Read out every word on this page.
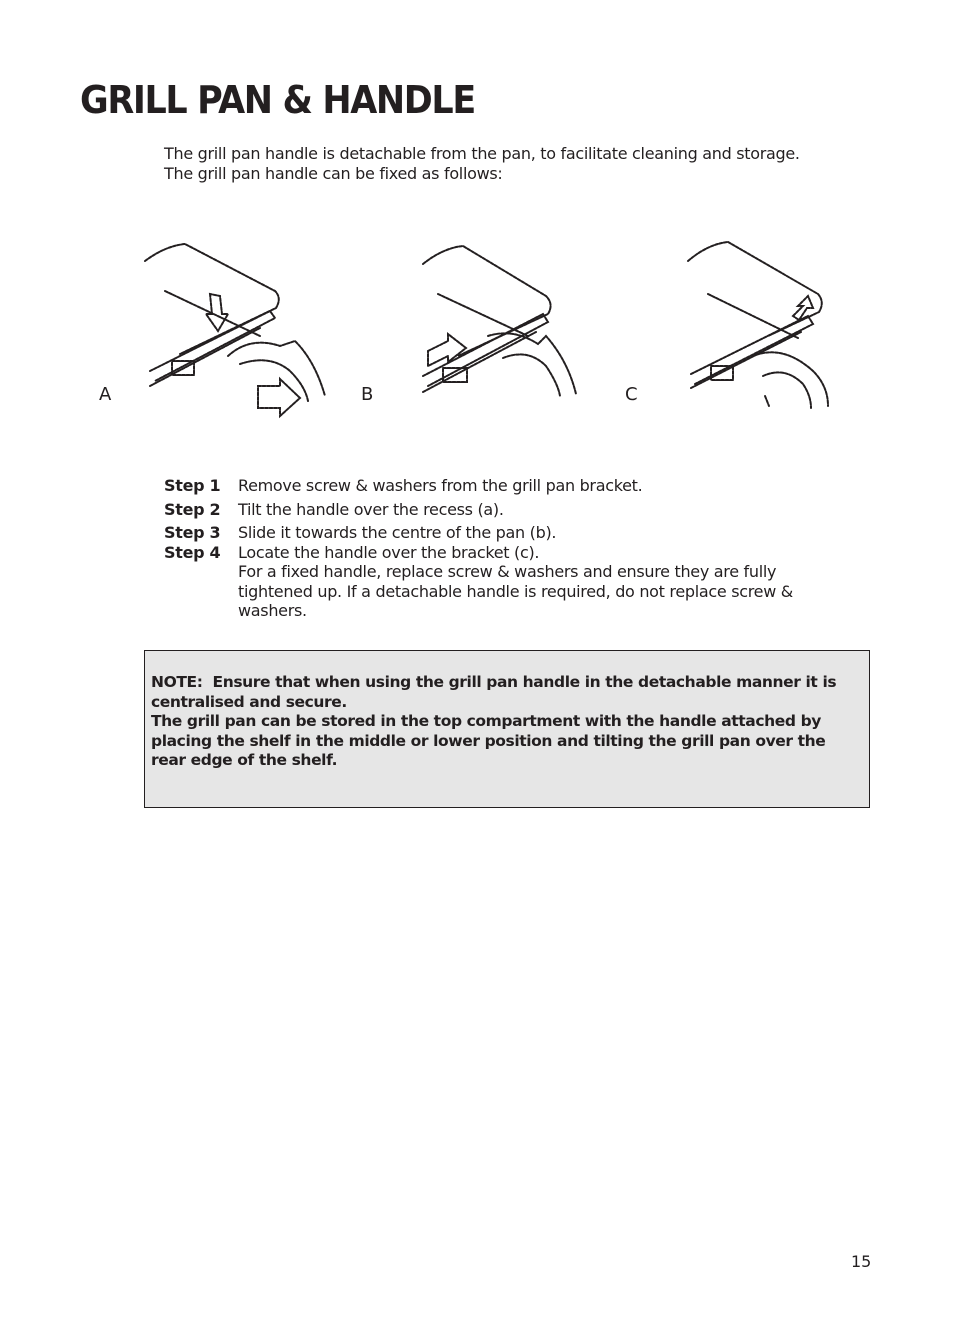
GRILL PAN & HANDLE
The grill pan handle is detachable from the pan, to facilitate cleaning and storage.
The grill pan handle can be fixed as follows:
A	B	C
Step 1	Remove screw & washers from the grill pan bracket.
Step 2	Tilt the handle over the recess (a).
Step 3	Slide it towards the centre of the pan (b).
Step 4	Locate the handle over the bracket (c).
For a fixed handle, replace screw & washers and ensure they are fully tightened up. If a detachable handle is required, do not replace screw & washers.
NOTE: Ensure that when using the grill pan handle in the detachable manner it is centralised and secure.
The grill pan can be stored in the top compartment with the handle attached by placing the shelf in the middle or lower position and tilting the grill pan over the rear edge of the shelf.
15
